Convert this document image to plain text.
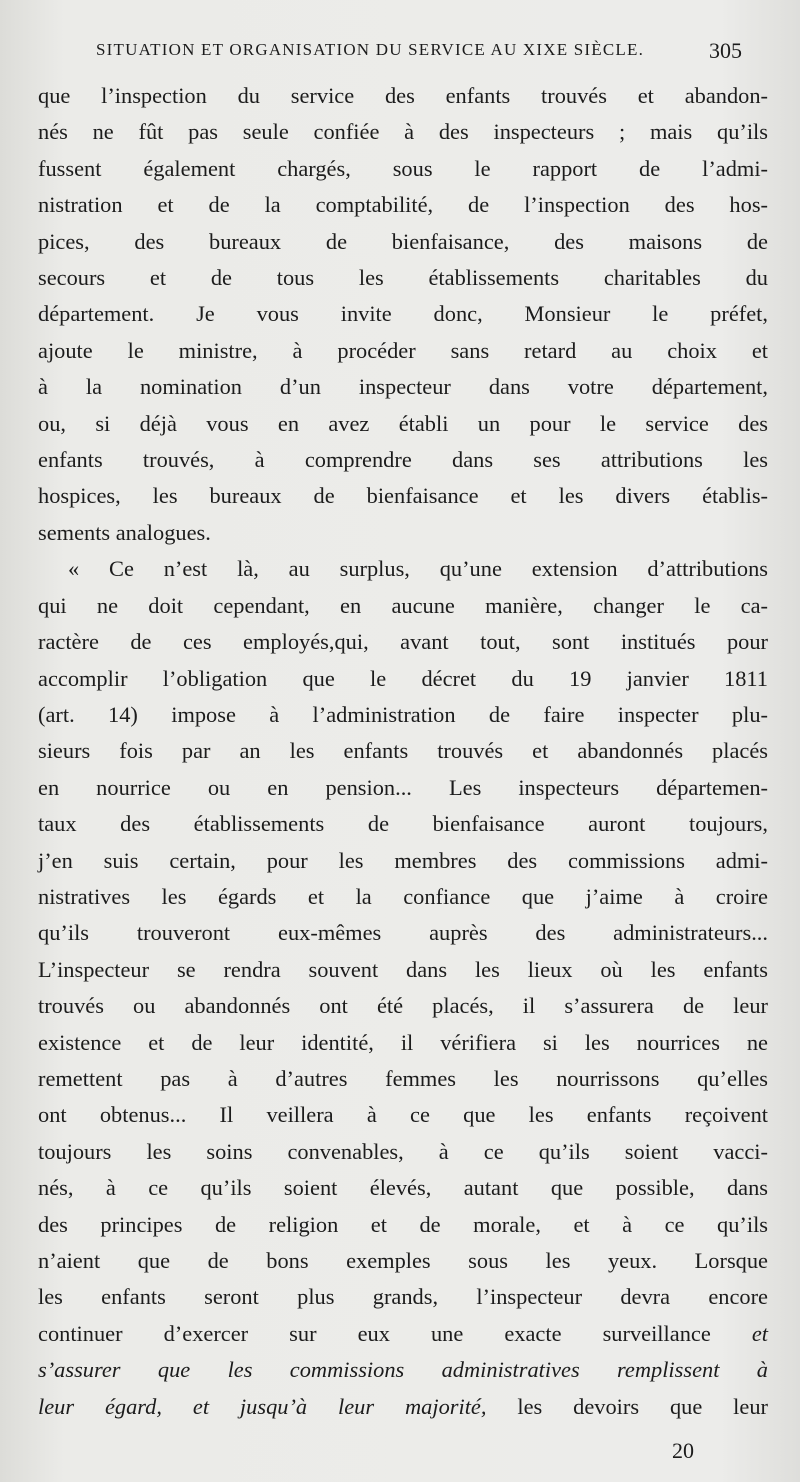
SITUATION ET ORGANISATION DU SERVICE AU XIXE SIÈCLE.	305
que l’inspection du service des enfants trouvés et abandon-
nés ne fût pas seule confiée à des inspecteurs ; mais qu’ils
fussent également chargés, sous le rapport de l’admi-
nistration et de la comptabilité, de l’inspection des hos-
pices, des bureaux de bienfaisance, des maisons de
secours et de tous les établissements charitables du
département. Je vous invite donc, Monsieur le préfet,
ajoute le ministre, à procéder sans retard au choix et
à la nomination d’un inspecteur dans votre département,
ou, si déjà vous en avez établi un pour le service des
enfants trouvés, à comprendre dans ses attributions les
hospices, les bureaux de bienfaisance et les divers établis-
sements analogues.
« Ce n’est là, au surplus, qu’une extension d’attributions
qui ne doit cependant, en aucune manière, changer le ca-
ractère de ces employés,qui, avant tout, sont institués pour
accomplir l’obligation que le décret du 19 janvier 1811
(art. 14) impose à l’administration de faire inspecter plu-
sieurs fois par an les enfants trouvés et abandonnés placés
en nourrice ou en pension... Les inspecteurs départemen-
taux des établissements de bienfaisance auront toujours,
j’en suis certain, pour les membres des commissions admi-
nistratives les égards et la confiance que j’aime à croire
qu’ils trouveront eux-mêmes auprès des administrateurs...
L’inspecteur se rendra souvent dans les lieux où les enfants
trouvés ou abandonnés ont été placés, il s’assurera de leur
existence et de leur identité, il vérifiera si les nourrices ne
remettent pas à d’autres femmes les nourrissons qu’elles
ont obtenus... Il veillera à ce que les enfants reçoivent
toujours les soins convenables, à ce qu’ils soient vacci-
nés, à ce qu’ils soient élevés, autant que possible, dans
des principes de religion et de morale, et à ce qu’ils
n’aient que de bons exemples sous les yeux. Lorsque
les enfants seront plus grands, l’inspecteur devra encore
continuer d’exercer sur eux une exacte surveillance et
s’assurer que les commissions administratives remplissent à
leur égard, et jusqu’à leur majorité, les devoirs que leur
20
